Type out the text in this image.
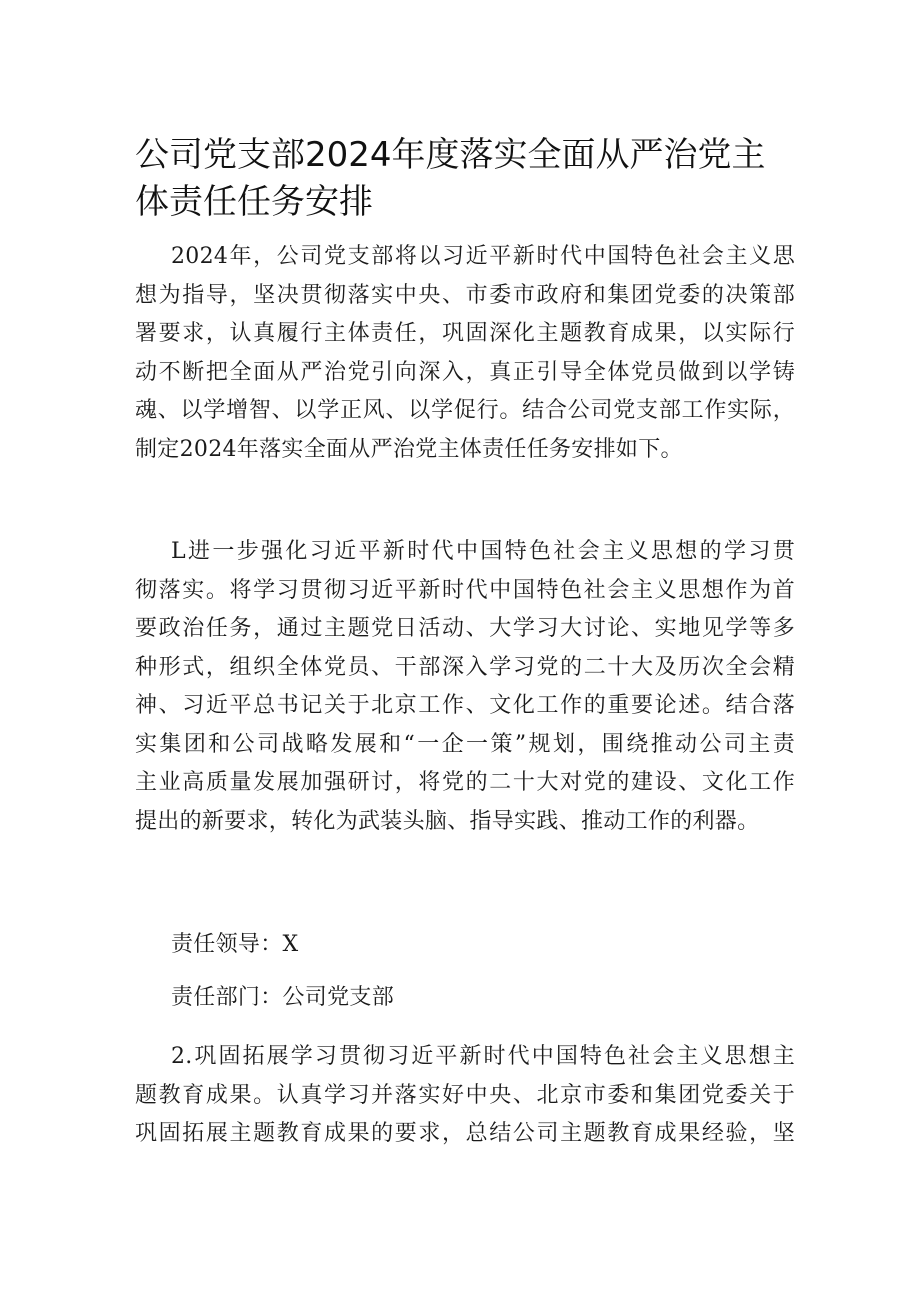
公司党支部2024年度落实全面从严治党主
体责任任务安排
2024年，公司党支部将以习近平新时代中国特色社会主义思
想为指导，坚决贯彻落实中央、市委市政府和集团党委的决策部
署要求，认真履行主体责任，巩固深化主题教育成果，以实际行
动不断把全面从严治党引向深入，真正引导全体党员做到以学铸
魂、以学增智、以学正风、以学促行。结合公司党支部工作实际，
制定2024年落实全面从严治党主体责任任务安排如下。
L进一步强化习近平新时代中国特色社会主义思想的学习贯
彻落实。将学习贯彻习近平新时代中国特色社会主义思想作为首
要政治任务，通过主题党日活动、大学习大讨论、实地见学等多
种形式，组织全体党员、干部深入学习党的二十大及历次全会精
神、习近平总书记关于北京工作、文化工作的重要论述。结合落
实集团和公司战略发展和“一企一策”规划，围绕推动公司主责
主业高质量发展加强研讨，将党的二十大对党的建设、文化工作
提出的新要求，转化为武装头脑、指导实践、推动工作的利器。
责任领导：X
责任部门：公司党支部
2.巩固拓展学习贯彻习近平新时代中国特色社会主义思想主
题教育成果。认真学习并落实好中央、北京市委和集团党委关于
巩固拓展主题教育成果的要求，总结公司主题教育成果经验，坚
